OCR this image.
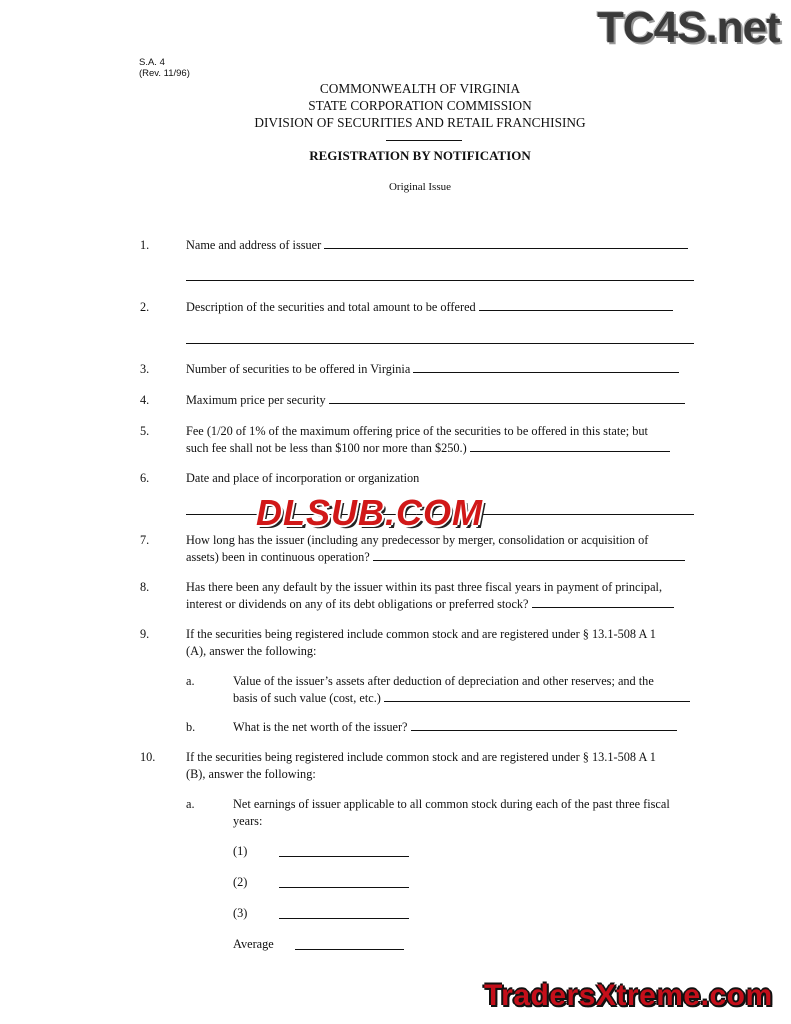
S.A. 4
(Rev. 11/96)
COMMONWEALTH OF VIRGINIA
STATE CORPORATION COMMISSION
DIVISION OF SECURITIES AND RETAIL FRANCHISING
REGISTRATION BY NOTIFICATION
Original Issue
1.	Name and address of issuer
2.	Description of the securities and total amount to be offered
3.	Number of securities to be offered in Virginia
4.	Maximum price per security
5.	Fee (1/20 of 1% of the maximum offering price of the securities to be offered in this state; but
such fee shall not be less than $100 nor more than $250.)
6.	Date and place of incorporation or organization
7.	How long has the issuer (including any predecessor by merger, consolidation or acquisition of
assets) been in continuous operation?
8.	Has there been any default by the issuer within its past three fiscal years in payment of principal,
interest or dividends on any of its debt obligations or preferred stock?
9.	If the securities being registered include common stock and are registered under § 13.1-508 A 1
(A), answer the following:
a.	Value of the issuer’s assets after deduction of depreciation and other reserves; and the
basis of such value (cost, etc.)
b.	What is the net worth of the issuer?
10. If the securities being registered include common stock and are registered under § 13.1-508 A 1
(B), answer the following:
a.	Net earnings of issuer applicable to all common stock during each of the past three fiscal
years:
(1)
(2)
(3)
Average
TC4S.net
DLSUB.COM
TradersXtreme.com
